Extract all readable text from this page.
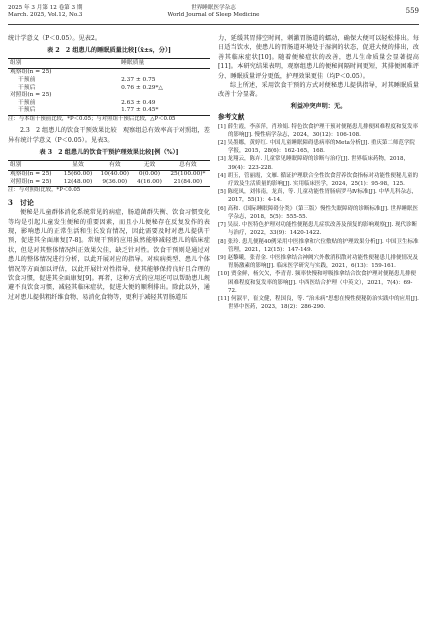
2025 年 3 月第 12 卷第 3 期
March. 2025, Vol.12, No.3
世界睡眠医学杂志
World Journal of Sleep Medicine	559

统计学意义（P＜0.05）。见表2。

表 2　2 组患儿的睡眠质量比较[（x̄±s，分）]
组别	睡眠质量
观察组(n = 25)	
干预前	2.37 ± 0.75
干预后	0.76 ± 0.29*△
对照组(n = 25)	
干预前	2.63 ± 0.49
干预后	1.77 ± 0.45*
注：与本组干预前比较，*P＜0.05；与对照组干预后比较，△P＜0.05

2.3　2 组患儿的饮食干预效果比较　观察组总有效率高于对照组，差异有统计学意义（P＜0.05）。见表3。

表 3　2 组患儿的饮食干预护理效果比较[例（%）]
组别	显效	有效	无效	总有效
观察组(n = 25)	15(60.00)	10(40.00)	0(0.00)	25(100.00)*
对照组(n = 25)	12(48.00)	9(36.00)	4(16.00)	21(84.00)
注：与对照组比较，*P＜0.05
3　讨论

便秘是儿童群体消化系统常见的病症，肠道菌群失衡、饮食习惯变化等均是引起儿童发生便秘的重要因素，而且小儿便秘存在反复发作的表现，影响患儿的正常生活和生长发育情况，因此需要及时对患儿提供干预，促进其全面康复[7-8]。常规干预的应用虽然能够减轻患儿的临床症状，但是对其整体情况纠正效果欠佳，缺乏针对性。饮食干预则是通过对患儿的整体情况进行分析，以此开展对应的指导。对疾病类型、患儿个体情况等方面加以评估，以此开展针对性指导，使其能够保持良好且合理的饮食习惯，促进其全面康复[9]。再者，这种方式的应用还可以帮助患儿规避不良饮食习惯，减轻其临床症状，促进大便的顺利排出。除此以外，通过对患儿提供粗纤维食物、易消化食物等，更利于减轻其胃肠道压

力，延缓其胃排空时间，刺激胃肠道的蠕动，确保大便可以轻松排出。每日适当饮水，使患儿的胃肠道环境处于湿润的状态，促进大便的排出，改善其临床症状[10]。随着便秘症状的改善，患儿生命质量会显著提高[11]。本研究结果表明，观察组患儿的便秘间隔时间更短，其排便困难评分、睡眠质量评分更低，护理效果更佳（均P＜0.05）。

综上所述，采用饮食干预的方式对便秘患儿提供指导，对其睡眠质量改善十分显著。

利益冲突声明：无。
参考文献

[1] 薛生霞，李彦萍，肖珍娟. 特色饮食护理干预对便秘患儿排便困难程度和复发率的影响[J]. 慢性病学杂志，2024，30(12)：106-108.

[2] 吴墨娜，黄婷红. 中国儿童睡眠障碍患病率的Meta分析[J]. 重庆第二师范学院学报，2015，28(6)：162-165，168.

[3] 龙翔云，陈卉. 儿童常见睡眠障碍的诊断与治疗[J]. 世界临床药物，2018，39(4)：223-228.

[4] 胡玉，管丽霞，文雁. 循证护理联合全性饮食营养饮食指标对功能性便秘儿童的疗效及生活质量的影响[J]. 实用临床医学，2024，25(1)：95-98，125.

[5] 陈庭凤，刘伟南，龙真，等. 儿童功能性胃肠病罗马Ⅳ标准[J]. 中华儿科杂志，2017，55(1)：4-14.

[6] 高和.《国际睡眠障碍分类》（第三版）慢性失眠障碍的诊断标准[J]. 世界睡眠医学杂志，2018，5(5)：555-55.

[7] 吴辰. 中医特色护理对功能性便秘患儿症状改善及预复的影响观察[J]. 现代诊断与治疗，2022，33(9)：1420-1422.

[8] 张玲. 患儿便秘40例采用中医推拿和穴位敷贴的护理效果分析[J]. 中国卫生标准管理，2021，12(15)：147-149.

[9] 赵黎曦，张青金. 中医推拿结合神阙穴外敷消积散对功能性便秘患儿排便情况及胃肠激素的影响[J]. 临床医学研究与实践，2021，6(13)：159-161.

[10] 贾金鲜，杨欠欠，李青青. 频率快慢和呼吸推拿结合饮食护理对便秘患儿排便困难程度和复发率的影响[J]. 中西医结合护理（中英文），2021，7(4)：69-72.

[11] 何淑平，崔文健，程国良，等. “治未病”思想在慢性便秘防治实践中的应用[J]. 世界中医药，2023，18(2)：286-290.
